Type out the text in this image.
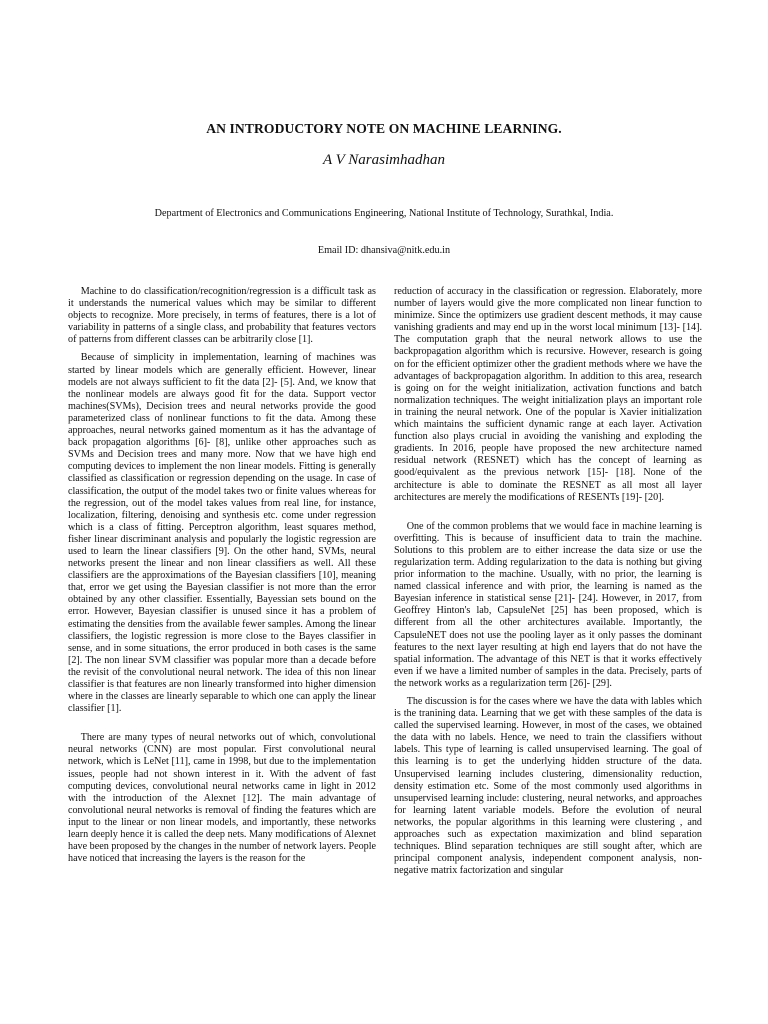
AN INTRODUCTORY NOTE ON MACHINE LEARNING.
A V Narasimhadhan
Department of Electronics and Communications Engineering, National Institute of Technology, Surathkal, India.
Email ID: dhansiva@nitk.edu.in

Machine to do classification/recognition/regression is a difficult task as it understands the numerical values which may be similar to different objects to recognize. More precisely, in terms of features, there is a lot of variability in patterns of a single class, and probability that features vectors of patterns from different classes can be arbitrarily close [1].

Because of simplicity in implementation, learning of machines was started by linear models which are generally efficient. However, linear models are not always sufficient to fit the data [2]- [5]. And, we know that the nonlinear models are always good fit for the data. Support vector machines(SVMs), Decision trees and neural networks provide the good parameterized class of nonlinear functions to fit the data. Among these approaches, neural networks gained momentum as it has the advantage of back propagation algorithms [6]- [8], unlike other approaches such as SVMs and Decision trees and many more. Now that we have high end computing devices to implement the non linear models. Fitting is generally classified as classification or regression depending on the usage. In case of classification, the output of the model takes two or finite values whereas for the regression, out of the model takes values from real line, for instance, localization, filtering, denoising and synthesis etc. come under regression which is a class of fitting. Perceptron algorithm, least squares method, fisher linear discriminant analysis and popularly the logistic regression are used to learn the linear classifiers [9]. On the other hand, SVMs, neural networks present the linear and non linear classifiers as well. All these classifiers are the approximations of the Bayesian classifiers [10], meaning that, error we get using the Bayesian classifier is not more than the error obtained by any other classifier. Essentially, Bayessian sets bound on the error. However, Bayesian classifier is unused since it has a problem of estimating the densities from the available fewer samples. Among the linear classifiers, the logistic regression is more close to the Bayes classifier in sense, and in some situations, the error produced in both cases is the same [2]. The non linear SVM classifier was popular more than a decade before the revisit of the convolutional neural network. The idea of this non linear classifier is that features are non linearly transformed into higher dimension where in the classes are linearly separable to which one can apply the linear classifier [1].

There are many types of neural networks out of which, convolutional neural networks (CNN) are most popular. First convolutional neural network, which is LeNet [11], came in 1998, but due to the implementation issues, people had not shown interest in it. With the advent of fast computing devices, convolutional neural networks came in light in 2012 with the introduction of the Alexnet [12]. The main advantage of convolutional neural networks is removal of finding the features which are input to the linear or non linear models, and importantly, these networks learn deeply hence it is called the deep nets. Many modifications of Alexnet have been proposed by the changes in the number of network layers. People have noticed that increasing the layers is the reason for the

reduction of accuracy in the classification or regression. Elaborately, more number of layers would give the more complicated non linear function to minimize. Since the optimizers use gradient descent methods, it may cause vanishing gradients and may end up in the worst local minimum [13]- [14]. The computation graph that the neural network allows to use the backpropagation algorithm which is recursive. However, research is going on for the efficient optimizer other the gradient methods where we have the advantages of backpropagation algorithm. In addition to this area, research is going on for the weight initialization, activation functions and batch normalization techniques. The weight initialization plays an important role in training the neural network. One of the popular is Xavier initialization which maintains the sufficient dynamic range at each layer. Activation function also plays crucial in avoiding the vanishing and exploding the gradients. In 2016, people have proposed the new architecture named residual network (RESNET) which has the concept of learning as good/equivalent as the previous network [15]- [18]. None of the architecture is able to dominate the RESNET as all most all layer architectures are merely the modifications of RESENTs [19]- [20].

One of the common problems that we would face in machine learning is overfitting. This is because of insufficient data to train the machine. Solutions to this problem are to either increase the data size or use the regularization term. Adding regularization to the data is nothing but giving prior information to the machine. Usually, with no prior, the learning is named classical inference and with prior, the learning is named as the Bayesian inference in statistical sense [21]- [24]. However, in 2017, from Geoffrey Hinton's lab, CapsuleNet [25] has been proposed, which is different from all the other architectures available. Importantly, the CapsuleNET does not use the pooling layer as it only passes the dominant features to the next layer resulting at high end layers that do not have the spatial information. The advantage of this NET is that it works effectively even if we have a limited number of samples in the data. Precisely, parts of the network works as a regularization term [26]- [29].

The discussion is for the cases where we have the data with lables which is the tranining data. Learning that we get with these samples of the data is called the supervised learning. However, in most of the cases, we obtained the data with no labels. Hence, we need to train the classifiers without labels. This type of learning is called unsupervised learning. The goal of this learning is to get the underlying hidden structure of the data. Unsupervised learning includes clustering, dimensionality reduction, density estimation etc. Some of the most commonly used algorithms in unsupervised learning include: clustering, neural networks, and approaches for learning latent variable models. Before the evolution of neural networks, the popular algorithms in this learning were clustering , and approaches such as expectation maximization and blind separation techniques. Blind separation techniques are still sought after, which are principal component analysis, independent component analysis, non-negative matrix factorization and singular
